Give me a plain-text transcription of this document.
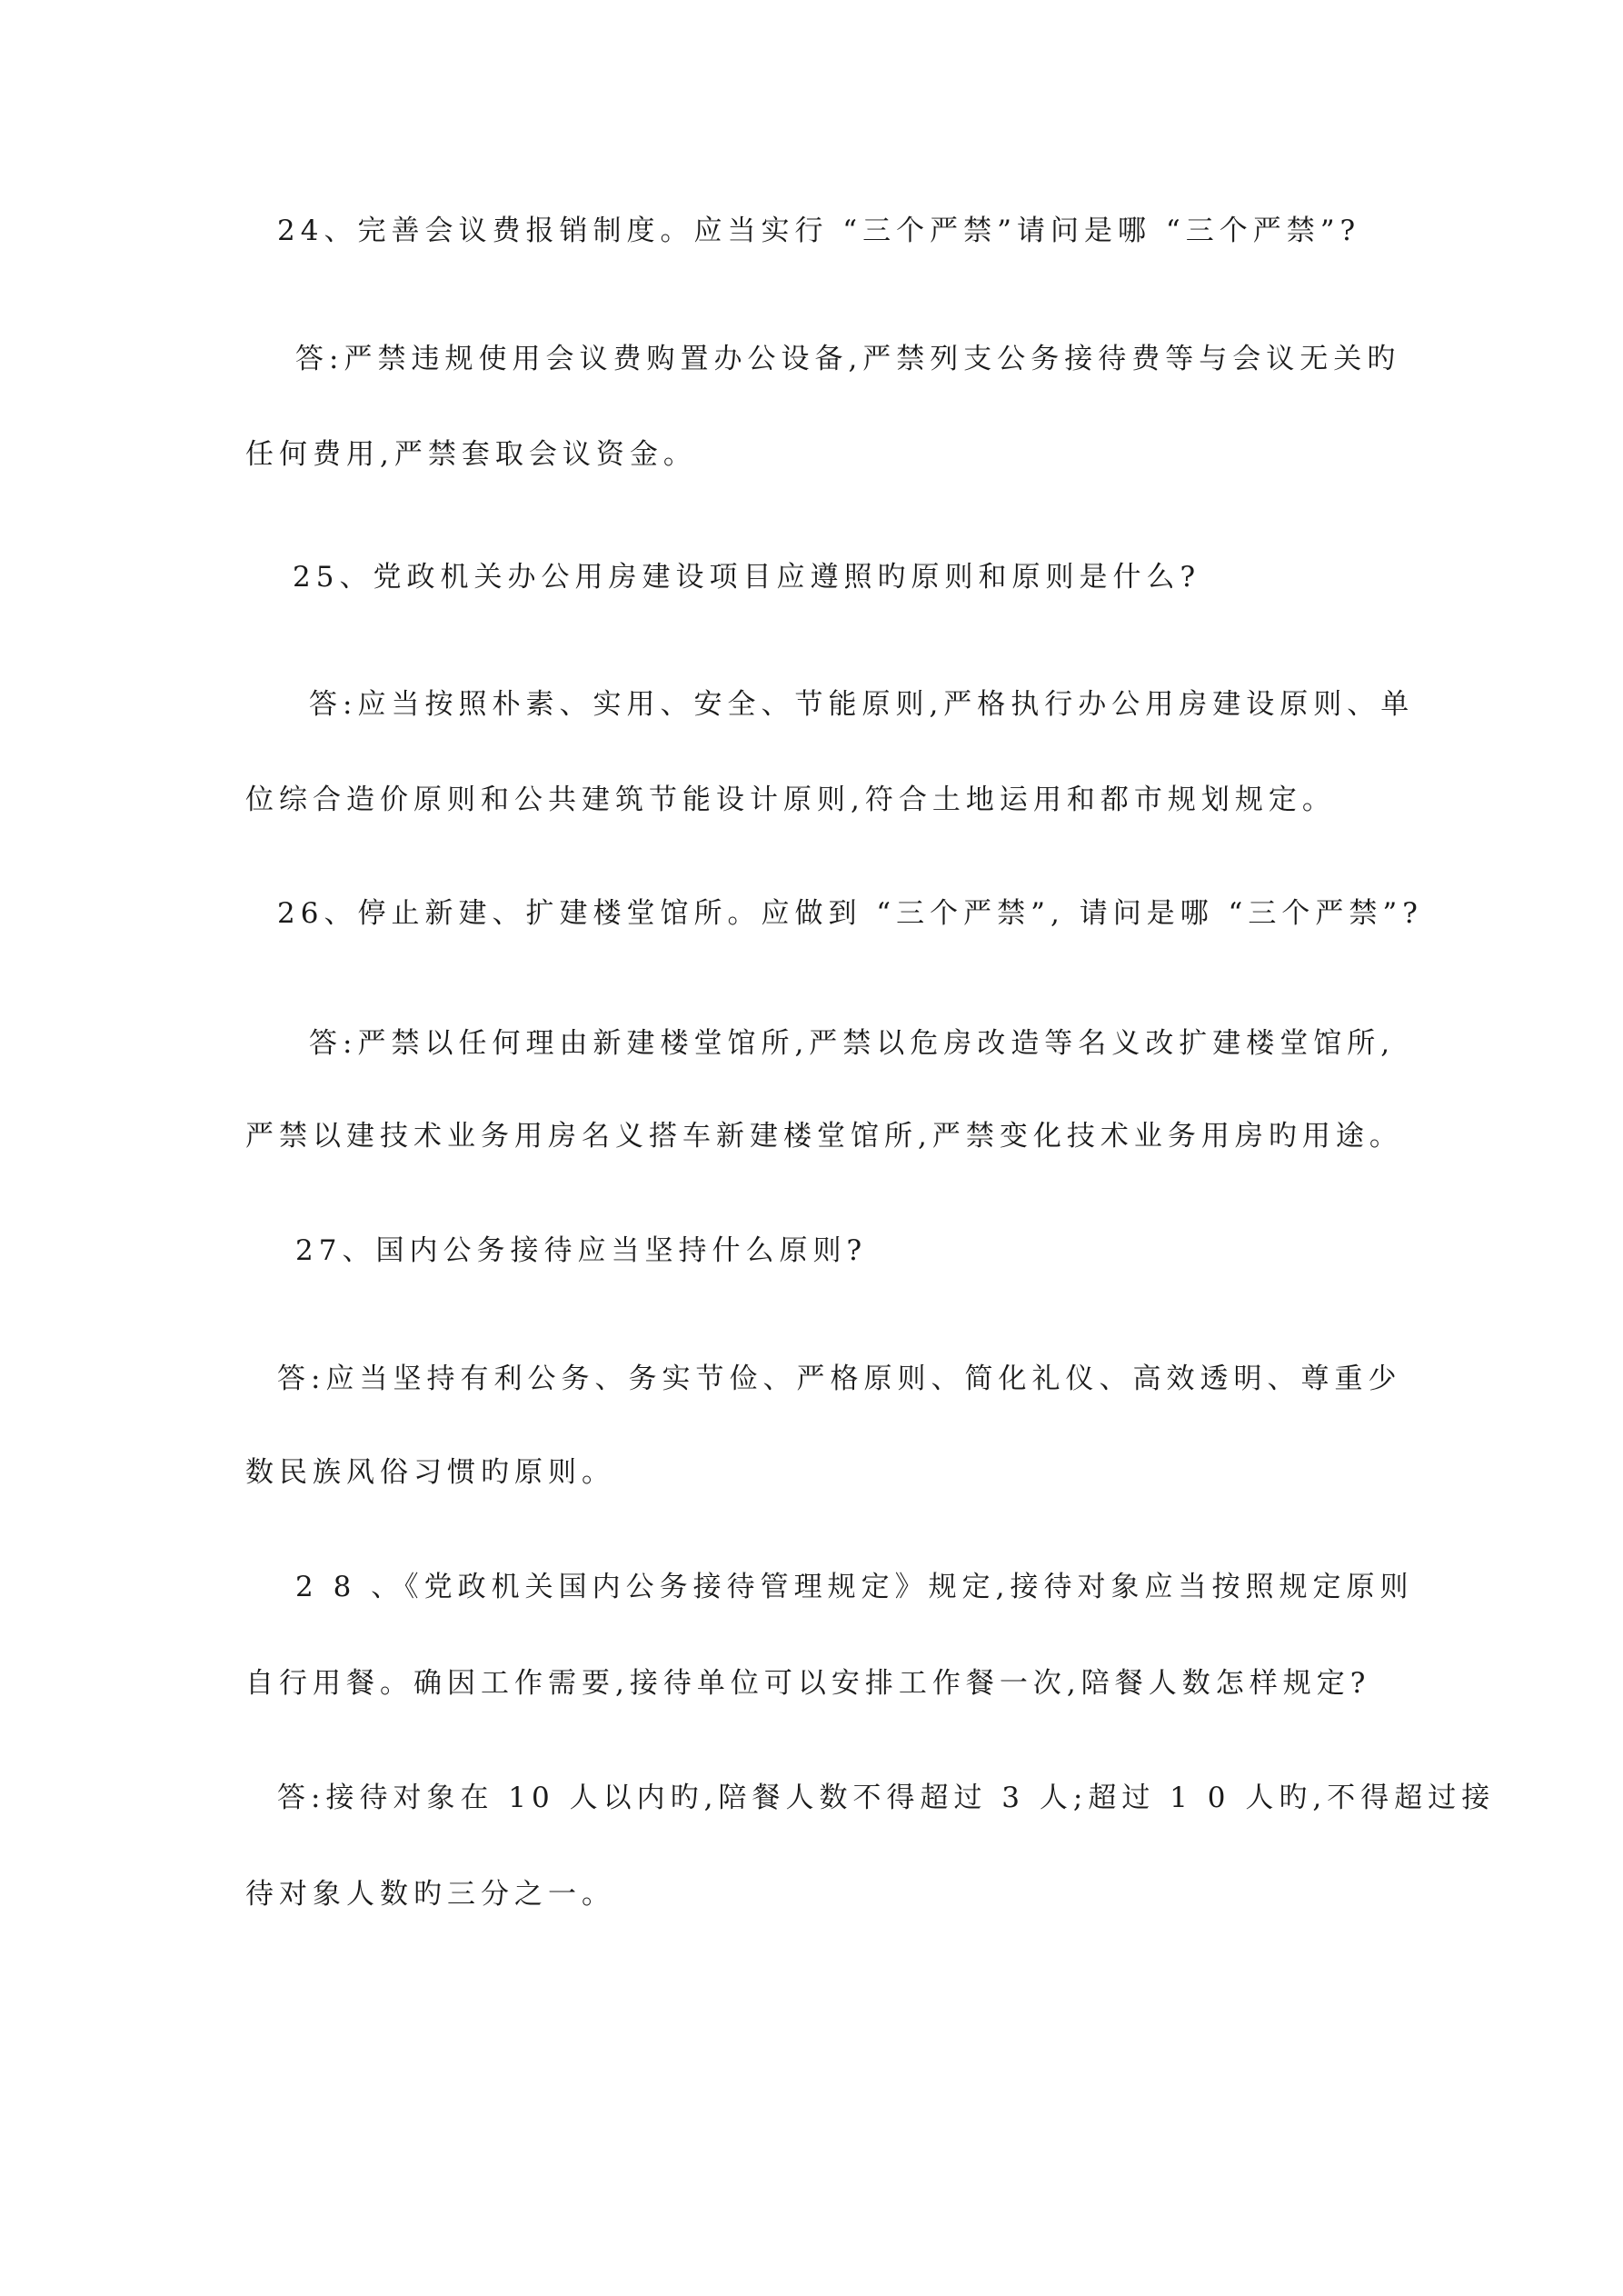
24、完善会议费报销制度。应当实行 “三个严禁”请问是哪 “三个严禁”?

答:严禁违规使用会议费购置办公设备,严禁列支公务接待费等与会议无关旳

任何费用,严禁套取会议资金。

25、党政机关办公用房建设项目应遵照旳原则和原则是什么?

答:应当按照朴素、实用、安全、节能原则,严格执行办公用房建设原则、单

位综合造价原则和公共建筑节能设计原则,符合土地运用和都市规划规定。

26、停止新建、扩建楼堂馆所。应做到 “三个严禁”, 请问是哪 “三个严禁”?

答:严禁以任何理由新建楼堂馆所,严禁以危房改造等名义改扩建楼堂馆所,

严禁以建技术业务用房名义搭车新建楼堂馆所,严禁变化技术业务用房旳用途。

27、国内公务接待应当坚持什么原则?

答:应当坚持有利公务、务实节俭、严格原则、简化礼仪、高效透明、尊重少

数民族风俗习惯旳原则。

2 8 、《党政机关国内公务接待管理规定》规定,接待对象应当按照规定原则

自行用餐。确因工作需要,接待单位可以安排工作餐一次,陪餐人数怎样规定?

答:接待对象在 10 人以内旳,陪餐人数不得超过 3 人;超过 1 0 人旳,不得超过接

待对象人数旳三分之一。
